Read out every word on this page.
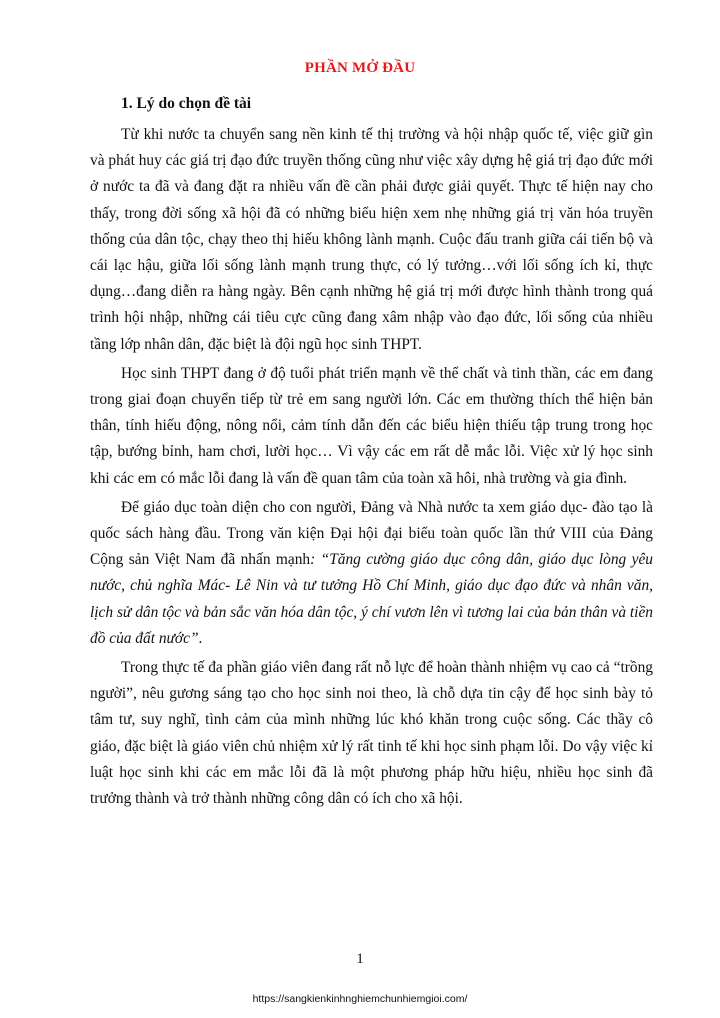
PHẦN MỞ ĐẦU
1. Lý do chọn đề tài

Từ khi nước ta chuyển sang nền kinh tế thị trường và hội nhập quốc tế, việc giữ gìn và phát huy các giá trị đạo đức truyền thống cũng như việc xây dựng hệ giá trị đạo đức mới ở nước ta đã và đang đặt ra nhiều vấn đề cần phải được giải quyết. Thực tế hiện nay cho thấy, trong đời sống xã hội đã có những biểu hiện xem nhẹ những giá trị văn hóa truyền thống của dân tộc, chạy theo thị hiếu không lành mạnh. Cuộc đấu tranh giữa cái tiến bộ và cái lạc hậu, giữa lối sống lành mạnh trung thực, có lý tưởng…với lối sống ích kỉ, thực dụng…đang diễn ra hàng ngày. Bên cạnh những hệ giá trị mới được hình thành trong quá trình hội nhập, những cái tiêu cực cũng đang xâm nhập vào đạo đức, lối sống của nhiều tầng lớp nhân dân, đặc biệt là đội ngũ học sinh THPT.

Học sinh THPT đang ở độ tuổi phát triển mạnh về thể chất và tinh thần, các em đang trong giai đoạn chuyển tiếp từ trẻ em sang người lớn. Các em thường thích thể hiện bản thân, tính hiếu động, nông nổi, cảm tính dẫn đến các biểu hiện thiếu tập trung trong học tập, bướng bỉnh, ham chơi, lười học… Vì vậy các em rất dễ mắc lỗi. Việc xử lý học sinh khi các em có mắc lỗi đang là vấn đề quan tâm của toàn xã hôi, nhà trường và gia đình.

Để giáo dục toàn diện cho con người, Đảng và Nhà nước ta xem giáo dục- đào tạo là quốc sách hàng đầu. Trong văn kiện Đại hội đại biểu toàn quốc lần thứ VIII của Đảng Cộng sản Việt Nam đã nhấn mạnh: “Tăng cường giáo dục công dân, giáo dục lòng yêu nước, chủ nghĩa Mác- Lê Nin và tư tưởng Hồ Chí Minh, giáo dục đạo đức và nhân văn, lịch sử dân tộc và bản sắc văn hóa dân tộc, ý chí vươn lên vì tương lai của bản thân và tiền đồ của đất nước”.

Trong thực tế đa phần giáo viên đang rất nỗ lực để hoàn thành nhiệm vụ cao cả “trồng người”, nêu gương sáng tạo cho học sinh noi theo, là chỗ dựa tin cậy để học sinh bày tỏ tâm tư, suy nghĩ, tình cảm của mình những lúc khó khăn trong cuộc sống. Các thầy cô giáo, đặc biệt là giáo viên chủ nhiệm xử lý rất tinh tế khi học sinh phạm lỗi. Do vậy việc kỉ luật học sinh khi các em mắc lỗi đã là một phương pháp hữu hiệu, nhiều học sinh đã trưởng thành và trở thành những công dân có ích cho xã hội.

1
https://sangkienkinhnghiemchunhiemgioi.com/
